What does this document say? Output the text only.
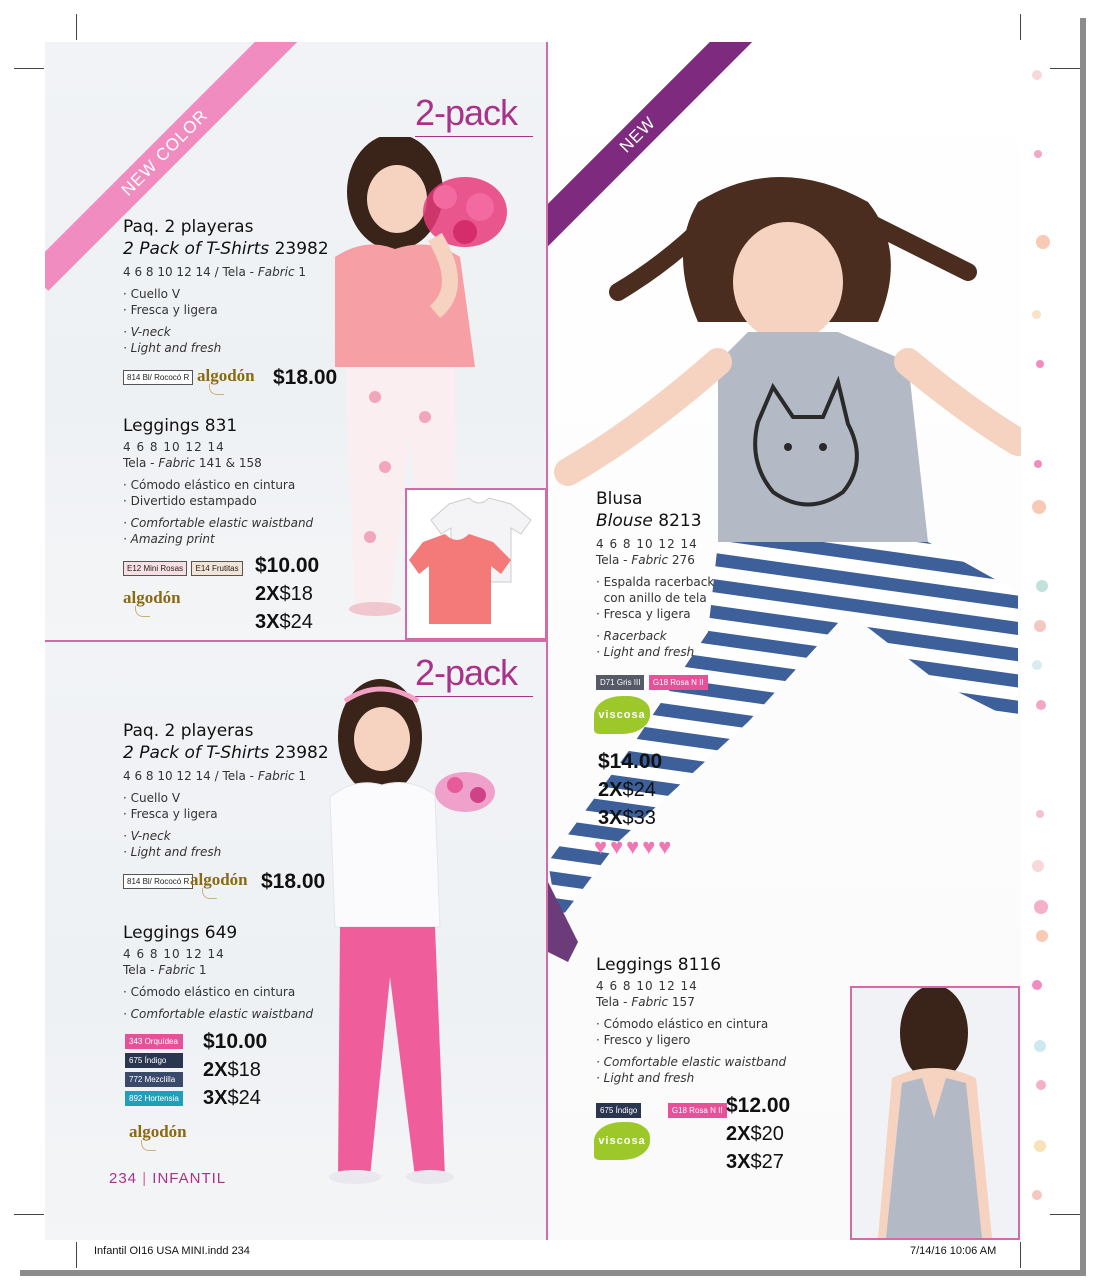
NEW COLOR	2-pack
Paq. 2 playeras
2 Pack of T-Shirts 23982
4 6 8 10 12 14 / Tela - Fabric 1
· Cuello V
· Fresca y ligera
· V-neck
· Light and fresh
814 Bl/ Rococó R algodón $18.00
Leggings 831
4 6 8 10 12 14
Tela - Fabric 141 & 158
· Cómodo elástico en cintura
· Divertido estampado
· Comfortable elastic waistband
· Amazing print
E12 Mini Rosas E14 Frutitas
algodón
$10.00
2X$18
3X$24
2-pack
Paq. 2 playeras
2 Pack of T-Shirts 23982
4 6 8 10 12 14 / Tela - Fabric 1
· Cuello V
· Fresca y ligera
· V-neck
· Light and fresh
814 Bl/ Rococó R algodón $18.00
Leggings 649
4 6 8 10 12 14
Tela - Fabric 1
· Cómodo elástico en cintura
· Comfortable elastic waistband
343 Orquídea
675 Índigo
772 Mezclilla
892 Hortensia
$10.00
2X$18
3X$24
algodón
234 | INFANTIL
NEW
Blusa
Blouse 8213
4 6 8 10 12 14
Tela - Fabric 276
· Espalda racerback
con anillo de tela
· Fresca y ligera
· Racerback
· Light and fresh
D71 Gris III G18 Rosa N II
viscosa
$14.00
2X$24
3X$33
♥ ♥ ♥ ♥ ♥
Leggings 8116
4 6 8 10 12 14
Tela - Fabric 157
· Cómodo elástico en cintura
· Fresco y ligero
· Comfortable elastic waistband
· Light and fresh
675 Índigo	G18 Rosa N II
viscosa
$12.00
2X$20
3X$27
Infantil OI16 USA MINI.indd 234	7/14/16 10:06 AM
